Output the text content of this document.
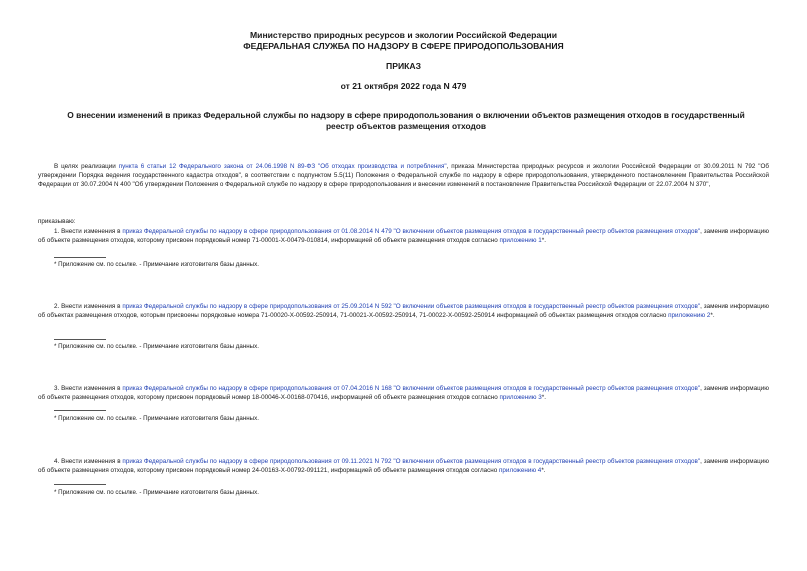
Министерство природных ресурсов и экологии Российской Федерации
ФЕДЕРАЛЬНАЯ СЛУЖБА ПО НАДЗОРУ В СФЕРЕ ПРИРОДОПОЛЬЗОВАНИЯ
ПРИКАЗ
от 21 октября 2022 года N 479
О внесении изменений в приказ Федеральной службы по надзору в сфере природопользования о включении объектов размещения отходов в государственный реестр объектов размещения отходов
В целях реализации пункта 6 статьи 12 Федерального закона от 24.06.1998 N 89-ФЗ "Об отходах производства и потребления", приказа Министерства природных ресурсов и экологии Российской Федерации от 30.09.2011 N 792 "Об утверждении Порядка ведения государственного кадастра отходов", в соответствии с подпунктом 5.5(11) Положения о Федеральной службе по надзору в сфере природопользования, утвержденного постановлением Правительства Российской Федерации от 30.07.2004 N 400 "Об утверждении Положения о Федеральной службе по надзору в сфере природопользования и внесении изменений в постановление Правительства Российской Федерации от 22.07.2004 N 370",
приказываю:
1. Внести изменения в приказ Федеральной службы по надзору в сфере природопользования от 01.08.2014 N 479 "О включении объектов размещения отходов в государственный реестр объектов размещения отходов", заменив информацию об объекте размещения отходов, которому присвоен порядковый номер 71-00001-Х-00479-010814, информацией об объекте размещения отходов согласно приложению 1*.
* Приложение см. по ссылке. - Примечание изготовителя базы данных.
2. Внести изменения в приказ Федеральной службы по надзору в сфере природопользования от 25.09.2014 N 592 "О включении объектов размещения отходов в государственный реестр объектов размещения отходов", заменив информацию об объектах размещения отходов, которым присвоены порядковые номера 71-00020-Х-00592-250914, 71-00021-Х-00592-250914, 71-00022-Х-00592-250914 информацией об объектах размещения отходов согласно приложению 2*.
* Приложение см. по ссылке. - Примечание изготовителя базы данных.
3. Внести изменения в приказ Федеральной службы по надзору в сфере природопользования от 07.04.2016 N 168 "О включении объектов размещения отходов в государственный реестр объектов размещения отходов", заменив информацию об объекте размещения отходов, которому присвоен порядковый номер 18-00046-Х-00168-070416, информацией об объекте размещения отходов согласно приложению 3*.
* Приложение см. по ссылке. - Примечание изготовителя базы данных.
4. Внести изменения в приказ Федеральной службы по надзору в сфере природопользования от 09.11.2021 N 792 "О включении объектов размещения отходов в государственный реестр объектов размещения отходов", заменив информацию об объекте размещения отходов, которому присвоен порядковый номер 24-00163-Х-00792-091121, информацией об объекте размещения отходов согласно приложению 4*.
* Приложение см. по ссылке. - Примечание изготовителя базы данных.
